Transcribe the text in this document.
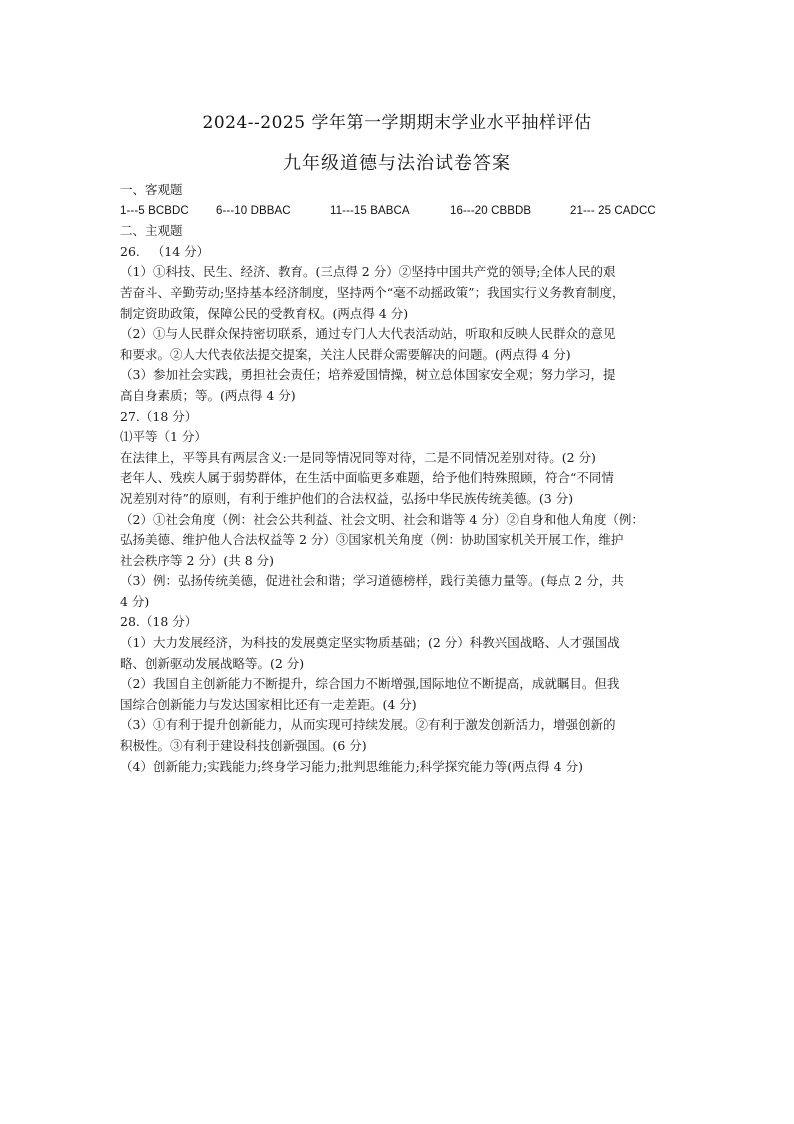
2024--2025 学年第一学期期末学业水平抽样评估
九年级道德与法治试卷答案
一、客观题
1---5 BCBDC	6---10 DBBAC	11---15 BABCA	16---20 CBBDB	21--- 25 CADCC
二、主观题
26.   （14 分）
（1）①科技、民生、经济、教育。(三点得 2 分）②坚持中国共产党的领导;全体人民的艰
苦奋斗、辛勤劳动;坚持基本经济制度，坚持两个“毫不动摇政策”；我国实行义务教育制度，
制定资助政策，保障公民的受教育权。(两点得 4 分)
（2）①与人民群众保持密切联系，通过专门人大代表活动站，听取和反映人民群众的意见
和要求。②人大代表依法提交提案，关注人民群众需要解决的问题。(两点得 4 分)
（3）参加社会实践，勇担社会责任；培养爱国情操，树立总体国家安全观；努力学习，提
高自身素质；等。(两点得 4 分)
27.（18 分）
⑴平等（1 分）
在法律上，平等具有两层含义:一是同等情况同等对待，二是不同情况差别对待。(2 分)
老年人、残疾人属于弱势群体，在生活中面临更多难题，给予他们特殊照顾，符合“不同情
况差别对待”的原则，有利于维护他们的合法权益，弘扬中华民族传统美德。(3 分)
（2）①社会角度（例：社会公共利益、社会文明、社会和谐等 4 分）②自身和他人角度（例：
弘扬美德、维护他人合法权益等 2 分）③国家机关角度（例：协助国家机关开展工作，维护
社会秩序等 2 分）(共 8 分)
（3）例：弘扬传统美德，促进社会和谐；学习道德榜样，践行美德力量等。(每点 2 分，共
4 分)
28.（18 分）
（1）大力发展经济，为科技的发展奠定坚实物质基础；(2 分）科教兴国战略、人才强国战
略、创新驱动发展战略等。(2 分)
（2）我国自主创新能力不断提升，综合国力不断增强,国际地位不断提高，成就瞩目。但我
国综合创新能力与发达国家相比还有一走差距。(4 分)
（3）①有利于提升创新能力，从而实现可持续发展。②有利于激发创新活力，增强创新的
积极性。③有利于建设科技创新强国。(6 分)
（4）创新能力;实践能力;终身学习能力;批判思维能力;科学探究能力等(两点得 4 分)
